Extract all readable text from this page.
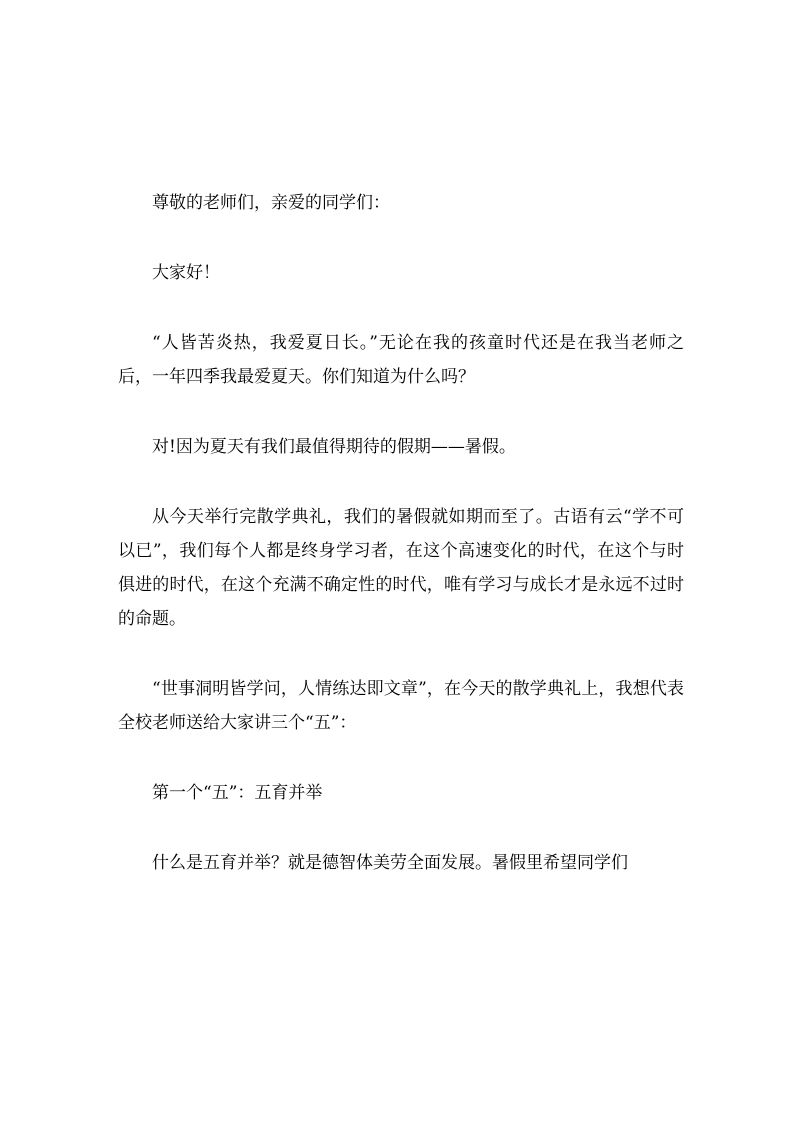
尊敬的老师们，亲爱的同学们：

大家好！

“人皆苦炎热，我爱夏日长。”无论在我的孩童时代还是在我当老师之后，一年四季我最爱夏天。你们知道为什么吗？

对!因为夏天有我们最值得期待的假期——暑假。

从今天举行完散学典礼，我们的暑假就如期而至了。古语有云“学不可以已”，我们每个人都是终身学习者，在这个高速变化的时代，在这个与时俱进的时代，在这个充满不确定性的时代，唯有学习与成长才是永远不过时的命题。

“世事洞明皆学问，人情练达即文章”，在今天的散学典礼上，我想代表全校老师送给大家讲三个“五”：

第一个“五”：五育并举

什么是五育并举？就是德智体美劳全面发展。暑假里希望同学们
